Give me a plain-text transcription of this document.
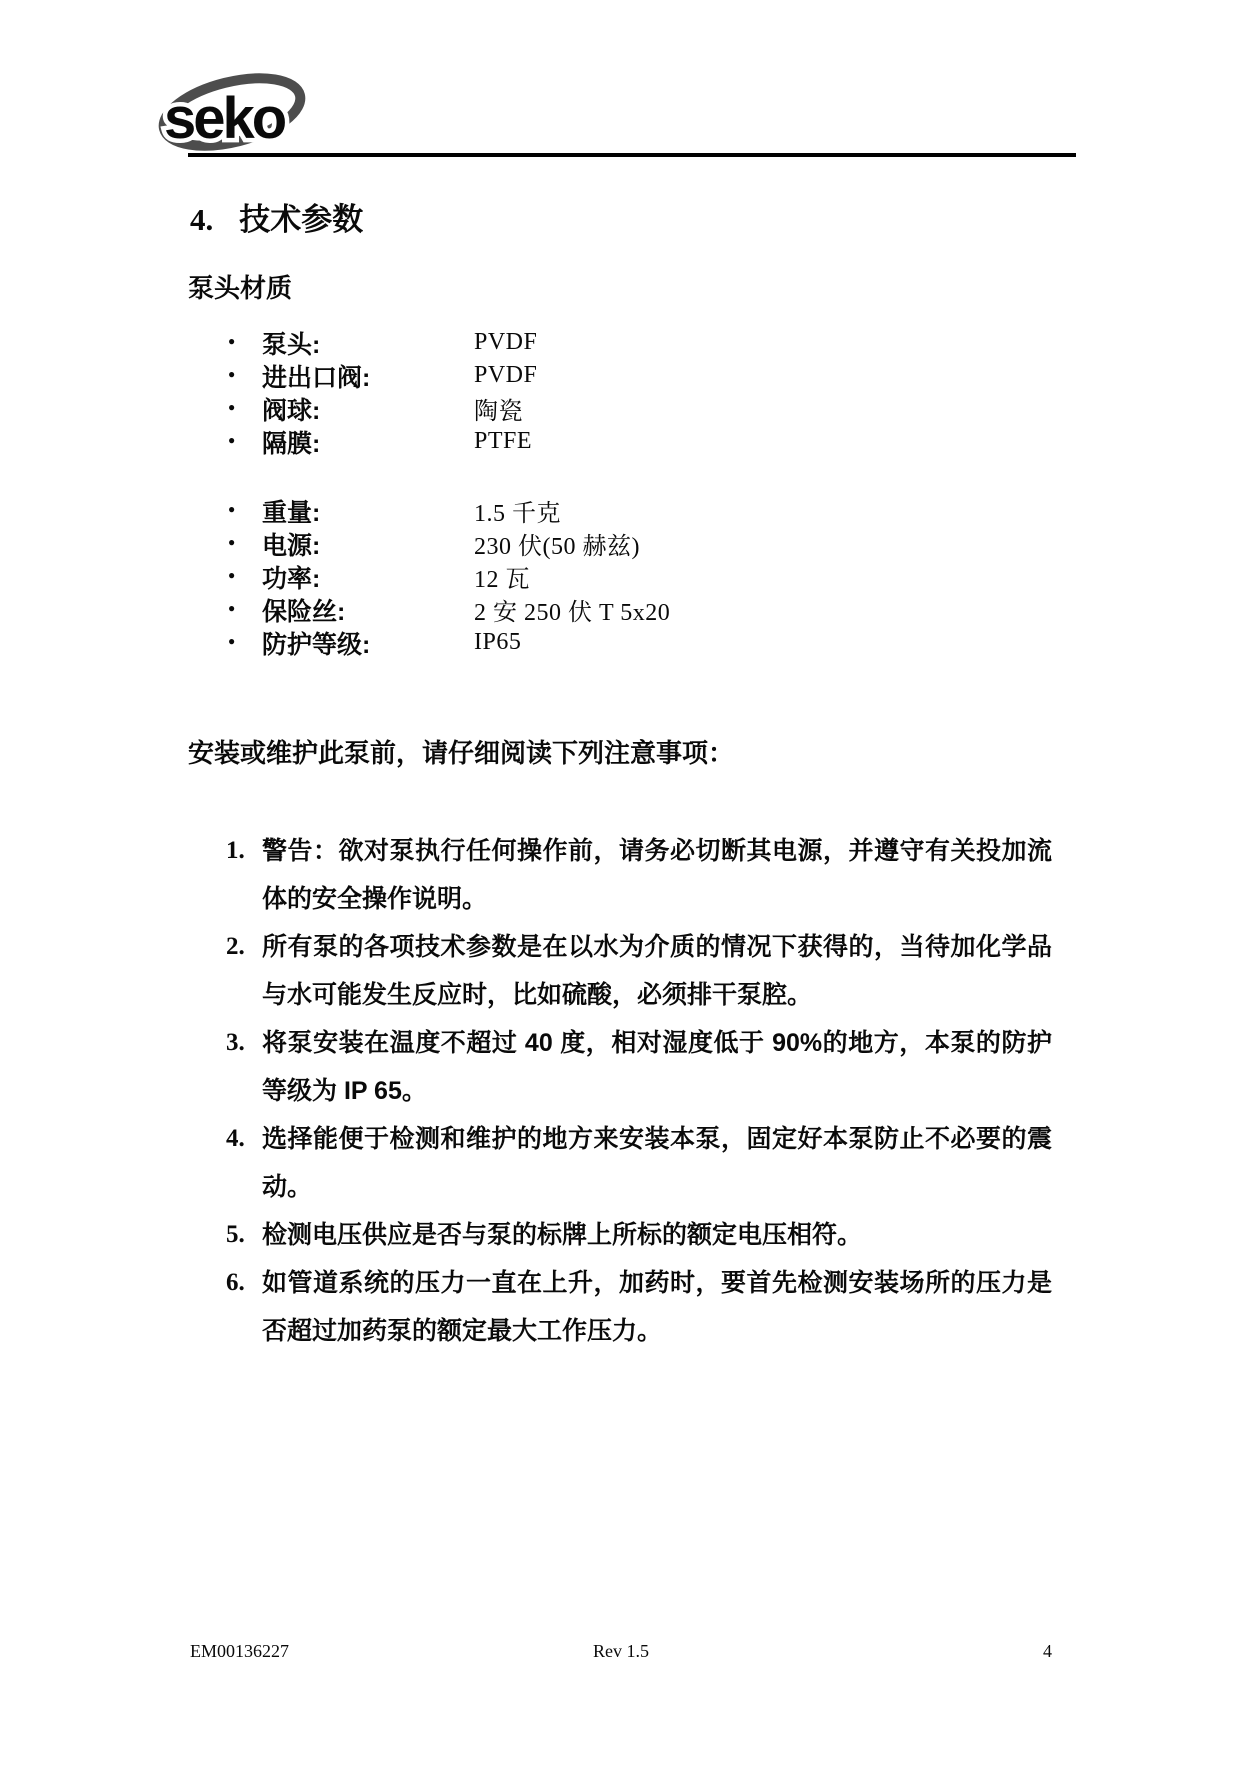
seko
4. 技术参数
泵头材质
●
泵头:	PVDF
●
进出口阀:	PVDF
●
阀球:	陶瓷
●
隔膜:	PTFE
●
重量:	1.5 千克
●
电源:	230 伏(50 赫兹)
●
功率:	12 瓦
●
保险丝:	2 安 250 伏 T 5x20
●
防护等级:	IP65

安装或维护此泵前，请仔细阅读下列注意事项：

1. 警告：欲对泵执行任何操作前，请务必切断其电源，并遵守有关投加流体的安全操作说明。
2. 所有泵的各项技术参数是在以水为介质的情况下获得的，当待加化学品与水可能发生反应时，比如硫酸，必须排干泵腔。
3. 将泵安装在温度不超过 40 度，相对湿度低于 90%的地方，本泵的防护等级为 IP 65。
4. 选择能便于检测和维护的地方来安装本泵，固定好本泵防止不必要的震动。
5. 检测电压供应是否与泵的标牌上所标的额定电压相符。
6. 如管道系统的压力一直在上升，加药时，要首先检测安装场所的压力是否超过加药泵的额定最大工作压力。
EM00136227	Rev 1.5	4
